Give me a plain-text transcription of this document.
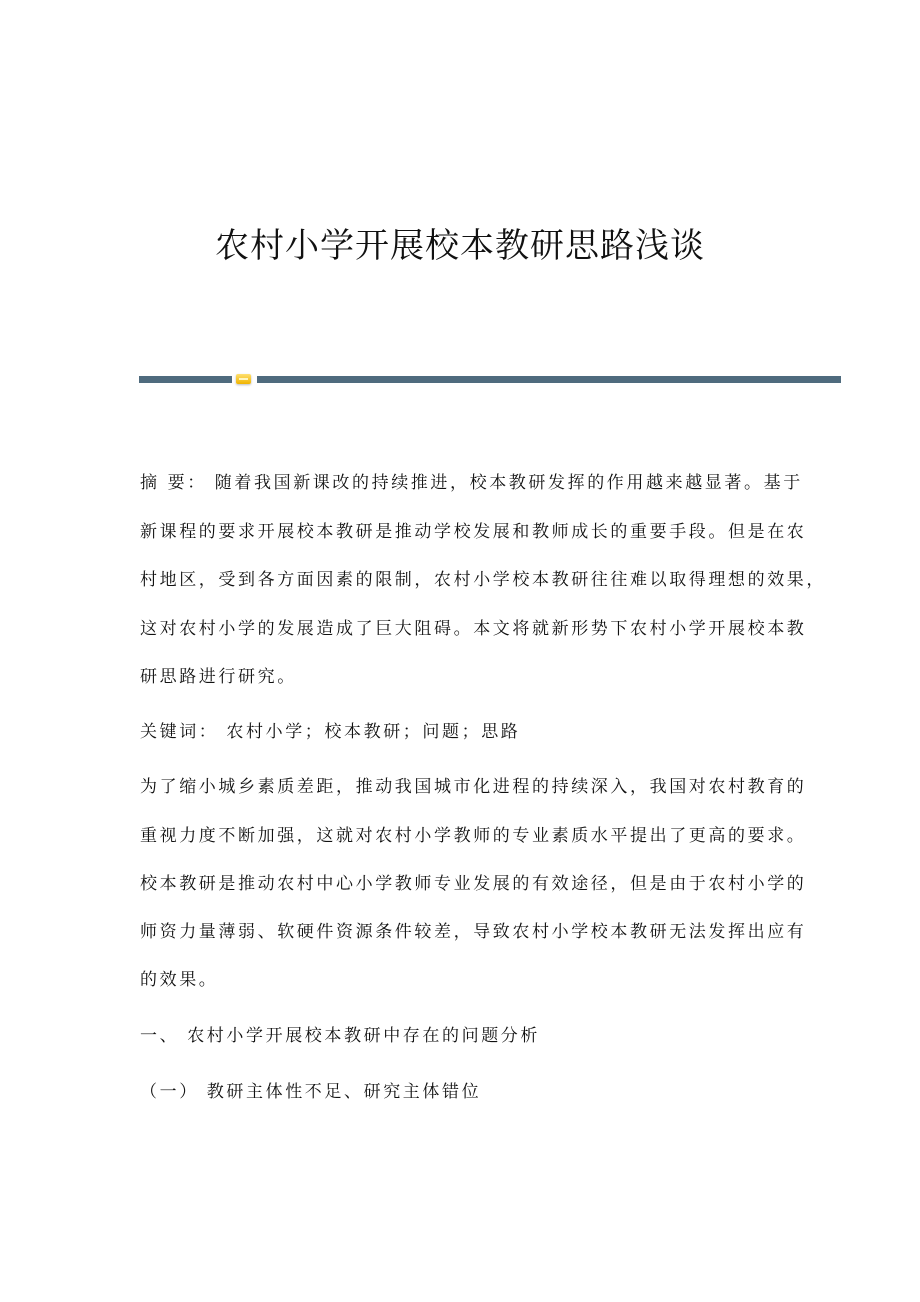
农村小学开展校本教研思路浅谈
摘 要： 随着我国新课改的持续推进，校本教研发挥的作用越来越显著。基于
新课程的要求开展校本教研是推动学校发展和教师成长的重要手段。但是在农
村地区，受到各方面因素的限制，农村小学校本教研往往难以取得理想的效果，
这对农村小学的发展造成了巨大阻碍。本文将就新形势下农村小学开展校本教
研思路进行研究。
关键词： 农村小学；校本教研；问题；思路
为了缩小城乡素质差距，推动我国城市化进程的持续深入，我国对农村教育的
重视力度不断加强，这就对农村小学教师的专业素质水平提出了更高的要求。
校本教研是推动农村中心小学教师专业发展的有效途径，但是由于农村小学的
师资力量薄弱、软硬件资源条件较差，导致农村小学校本教研无法发挥出应有
的效果。
一、 农村小学开展校本教研中存在的问题分析
（一） 教研主体性不足、研究主体错位
